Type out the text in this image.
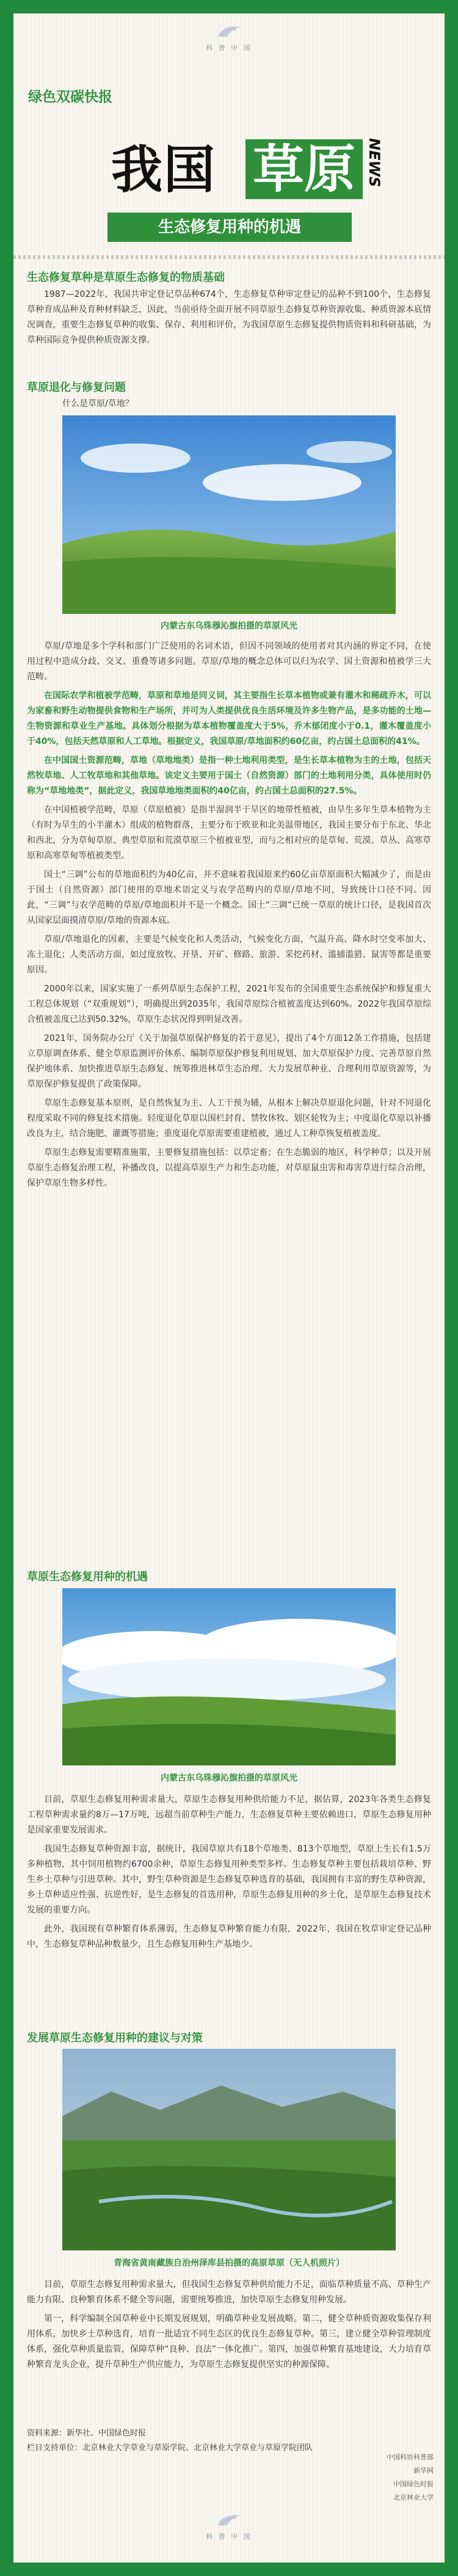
科 普 中 国
绿色双碳快报
我国 草原 NEWS
生态修复用种的机遇
生态修复草种是草原生态修复的物质基础

1987—2022年，我国共审定登记草品种674个，生态修复草种审定登记的品种不到100个，生态修复草种育成品种及育种材料缺乏，因此，当前亟待全面开展不同草原生态修复草种资源收集、种质资源本底情况调查，重要生态修复草种的收集、保存、利用和评价，为我国草原生态修复提供物质资料和科研基础，为草种国际竞争提供种质资源支撑。

草原退化与修复问题
什么是草原/草地？
内蒙古东乌珠穆沁旗拍摄的草原风光

草原/草地是多个学科和部门广泛使用的名词术语，但因不同领域的使用者对其内涵的界定不同，在使用过程中造成分歧、交叉、重叠等诸多问题。草原/草地的概念总体可以归为农学、国土资源和植被学三大范畴。

在国际农学和植被学范畴，草原和草地是同义词，其主要指生长草本植物或兼有灌木和稀疏乔木，可以为家畜和野生动物提供食物和生产场所，并可为人类提供优良生活环境及许多生物产品，是多功能的土地—生物资源和草业生产基地。具体划分根据为草本植物覆盖度大于5%，乔木郁闭度小于0.1，灌木覆盖度小于40%，包括天然草原和人工草地。根据定义，我国草原/草地面积约60亿亩，约占国土总面积的41%。

在中国国土资源范畴，草地（草地地类）是指一种土地利用类型，是生长草本植物为主的土地，包括天然牧草地、人工牧草地和其他草地。该定义主要用于国土（自然资源）部门的土地利用分类，具体使用时仍称为“草地地类”，据此定义，我国草地地类面积约40亿亩，约占国土总面积的27.5%。

在中国植被学范畴，草原（草原植被）是指半湿润半干旱区的地带性植被，由旱生多年生草本植物为主（有时为旱生的小半灌木）组成的植物群落，主要分布于欧亚和北美温带地区，我国主要分布于东北、华北和西北，分为草甸草原、典型草原和荒漠草原三个植被亚型，而与之相对应的是草甸、荒漠、草丛、高寒草原和高寒草甸等植被类型。

国土“三调”公布的草地面积约为40亿亩，并不意味着我国原来约60亿亩草原面积大幅减少了，而是由于国土（自然资源）部门使用的草地术语定义与农学范畴内的草原/草地不同，导致统计口径不同。因此，“三调”与农学范畴的草原/草地面积并不是一个概念。国土“三调”已统一草原的统计口径，是我国首次从国家层面摸清草原/草地的资源本底。

草原/草地退化的因素，主要是气候变化和人类活动，气候变化方面，气温升高、降水时空变率加大、冻土退化；人类活动方面，如过度放牧、开垦、开矿、修路、旅游、采挖药材、滥捕滥猎、鼠害等都是重要原因。

2000年以来，国家实施了一系列草原生态保护工程，2021年发布的全国重要生态系统保护和修复重大工程总体规划（“双重规划”），明确提出到2035年，我国草原综合植被盖度达到60%。2022年我国草原综合植被盖度已达到50.32%，草原生态状况得到明显改善。

2021年，国务院办公厅《关于加强草原保护修复的若干意见》，提出了4个方面12条工作措施，包括建立草原调查体系、健全草原监测评价体系、编制草原保护修复利用规划、加大草原保护力度、完善草原自然保护地体系、加快推进草原生态修复、统筹推进林草生态治理、大力发展草种业、合理利用草原资源等，为草原保护修复提供了政策保障。

草原生态修复基本原则，是自然恢复为主、人工干预为辅，从根本上解决草原退化问题，针对不同退化程度采取不同的修复技术措施。轻度退化草原以围栏封育、禁牧休牧、划区轮牧为主；中度退化草原以补播改良为主，结合施肥、灌溉等措施；重度退化草原需要重建植被，通过人工种草恢复植被盖度。

草原生态修复需要精准施策，主要修复措施包括：以草定畜；在生态脆弱的地区，科学种草；以及开展草原生态修复治理工程，补播改良，以提高草原生产力和生态功能，对草原鼠虫害和毒害草进行综合治理，保护草原生物多样性。

草原生态修复用种的机遇
内蒙古东乌珠穆沁旗拍摄的草原风光

目前，草原生态修复用种需求量大，草原生态修复用种供给能力不足，据估算，2023年各类生态修复工程草种需求量约8万—17万吨，远超当前草种生产能力，生态修复草种主要依赖进口，草原生态修复用种是国家重要发展需求。

我国生态修复草种资源丰富，据统计，我国草原共有18个草地类、813个草地型，草原上生长有1.5万多种植物，其中饲用植物约6700余种，草原生态修复用种类型多样。生态修复草种主要包括栽培草种、野生乡土草种与引进草种。其中，野生草种资源是生态修复草种选育的基础，我国拥有丰富的野生草种资源，乡土草种适应性强、抗逆性好，是生态修复的首选用种，草原生态修复用种的乡土化，是草原生态修复技术发展的重要方向。

此外，我国现有草种繁育体系薄弱，生态修复草种繁育能力有限，2022年，我国在牧草审定登记品种中，生态修复草种品种数量少，且生态修复用种生产基地少。

发展草原生态修复用种的建议与对策
青海省黄南藏族自治州泽库县拍摄的高原草原（无人机照片）

目前，草原生态修复用种需求量大，但我国生态修复草种供给能力不足，面临草种质量不高、草种生产能力有限、良种繁育体系不健全等问题，需要统筹推进，加快草原生态修复用种发展。

第一，科学编制全国草种业中长期发展规划，明确草种业发展战略。第二，健全草种质资源收集保存利用体系，加快乡土草种选育，培育一批适宜不同生态区的优良生态修复草种。第三，建立健全草种管理制度体系，强化草种质量监管，保障草种“良种、良法”一体化推广。第四，加强草种繁育基地建设，大力培育草种繁育龙头企业，提升草种生产供应能力，为草原生态修复提供坚实的种源保障。

资料来源：新华社、中国绿色时报
栏目支持单位：北京林业大学草业与草原学院、北京林业大学草业与草原学院团队
中国科协科普部
新华网
中国绿色时报
北京林业大学
科 普 中 国
